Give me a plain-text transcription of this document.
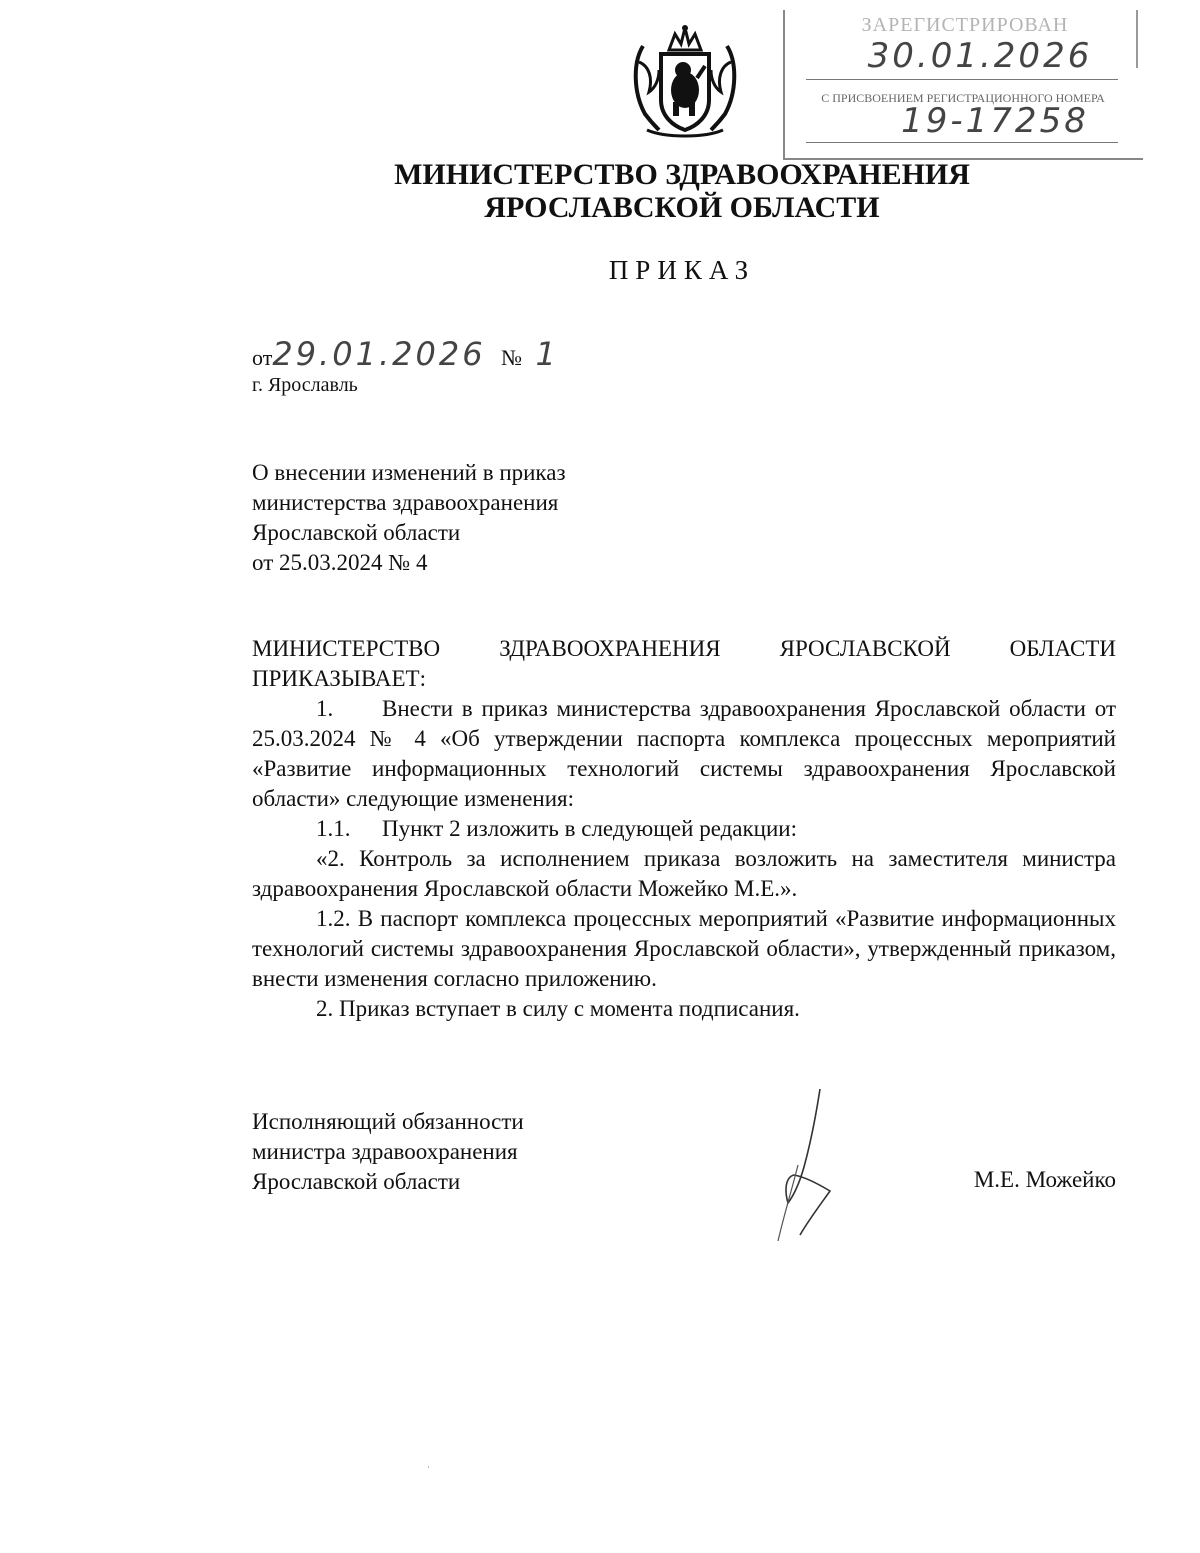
ЗАРЕГИСТРИРОВАН
30.01.2026
С ПРИСВОЕНИЕМ РЕГИСТРАЦИОННОГО НОМЕРА
19-17258
МИНИСТЕРСТВО ЗДРАВООХРАНЕНИЯ
ЯРОСЛАВСКОЙ ОБЛАСТИ
ПРИКАЗ
от29.01.2026 № 1
г. Ярославль
О внесении изменений в приказ
министерства здравоохранения
Ярославской области
от 25.03.2024 № 4

МИНИСТЕРСТВО ЗДРАВООХРАНЕНИЯ ЯРОСЛАВСКОЙ ОБЛАСТИ ПРИКАЗЫВАЕТ:

1. Внести в приказ министерства здравоохранения Ярославской области от 25.03.2024 № 4 «Об утверждении паспорта комплекса процессных мероприятий «Развитие информационных технологий системы здравоохранения Ярославской области» следующие изменения:

1.1. Пункт 2 изложить в следующей редакции:

«2. Контроль за исполнением приказа возложить на заместителя министра здравоохранения Ярославской области Можейко М.Е.».

1.2. В паспорт комплекса процессных мероприятий «Развитие информационных технологий системы здравоохранения Ярославской области», утвержденный приказом, внести изменения согласно приложению.

2. Приказ вступает в силу с момента подписания.

Исполняющий обязанности
министра здравоохранения
Ярославской области	М.Е. Можейко
